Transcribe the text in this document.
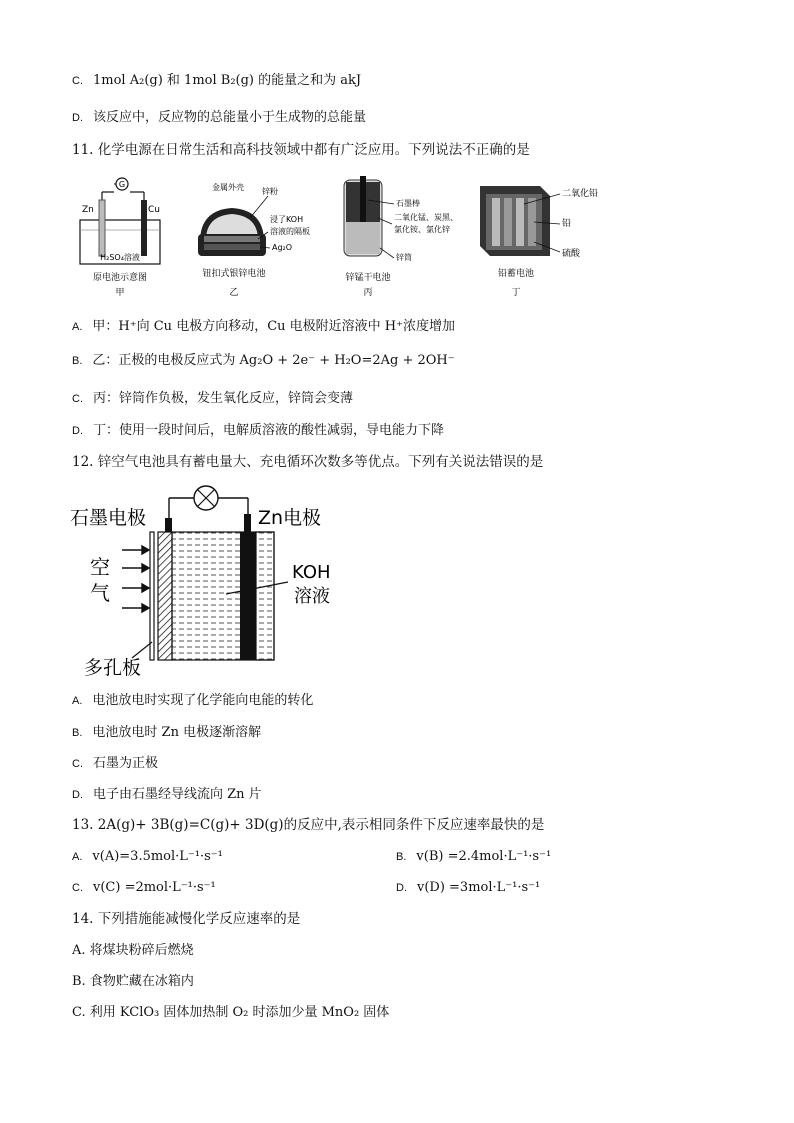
C. 1mol A₂(g) 和 1mol B₂(g) 的能量之和为 akJ
D. 该反应中，反应物的总能量小于生成物的总能量
11. 化学电源在日常生活和高科技领域中都有广泛应用。下列说法不正确的是
G
Zn	Cu
H₂SO₄溶液
原电池示意图
甲
金属外壳 锌粉
浸了KOH
溶液的隔板
Ag₂O
钮扣式银锌电池
乙
石墨棒
二氧化锰、炭黑、
氯化铵、氯化锌
锌筒
锌锰干电池
丙
二氧化铅
铅
硫酸
铅蓄电池
丁
A. 甲：H⁺向 Cu 电极方向移动，Cu 电极附近溶液中 H⁺浓度增加
B. 乙：正极的电极反应式为 Ag₂O + 2e⁻ + H₂O=2Ag + 2OH⁻
C. 丙：锌筒作负极，发生氧化反应，锌筒会变薄
D. 丁：使用一段时间后，电解质溶液的酸性减弱，导电能力下降
12. 锌空气电池具有蓄电量大、充电循环次数多等优点。下列有关说法错误的是
石墨电极	Zn电极
空
气
KOH
溶液
多孔板
A. 电池放电时实现了化学能向电能的转化
B. 电池放电时 Zn 电极逐渐溶解
C. 石墨为正极
D. 电子由石墨经导线流向 Zn 片
13. 2A(g)+ 3B(g)=C(g)+ 3D(g)的反应中,表示相同条件下反应速率最快的是
A. v(A)=3.5mol·L⁻¹·s⁻¹	B. v(B) =2.4mol·L⁻¹·s⁻¹
C. v(C) =2mol·L⁻¹·s⁻¹	D. v(D) =3mol·L⁻¹·s⁻¹
14. 下列措施能减慢化学反应速率的是
A. 将煤块粉碎后燃烧
B. 食物贮藏在冰箱内
C. 利用 KClO₃ 固体加热制 O₂ 时添加少量 MnO₂ 固体
